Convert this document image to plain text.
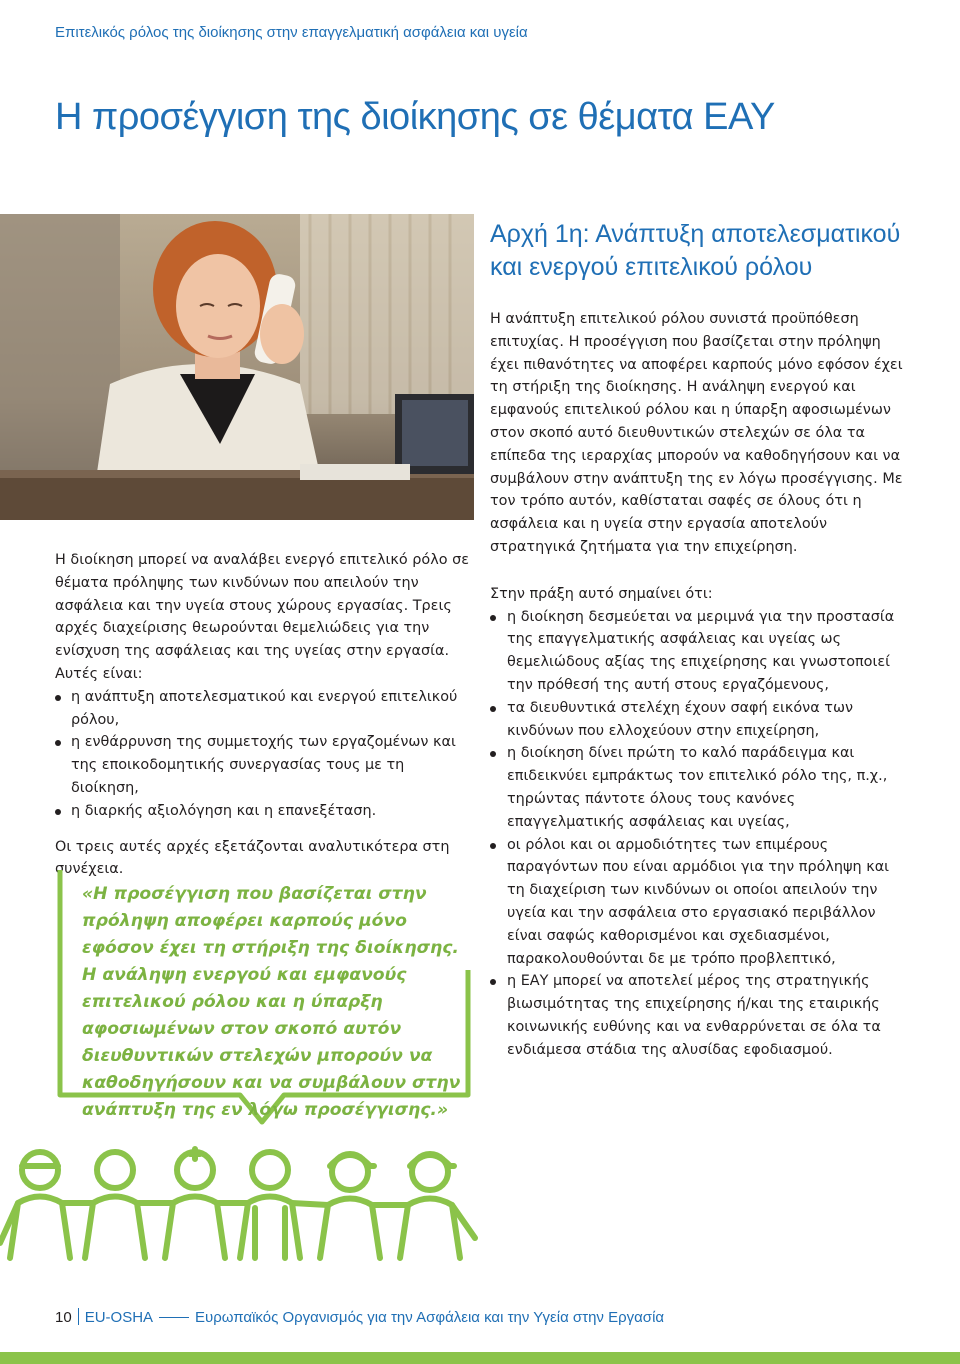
Επιτελικός ρόλος της διοίκησης στην επαγγελματική ασφάλεια και υγεία
Η προσέγγιση της διοίκησης σε θέματα ΕΑΥ
© iStock

Η διοίκηση μπορεί να αναλάβει ενεργό επιτελικό ρόλο σε θέματα πρόληψης των κινδύνων που απειλούν την ασφάλεια και την υγεία στους χώρους εργασίας. Τρεις αρχές διαχείρισης θεωρούνται θεμελιώδεις για την ενίσχυση της ασφάλειας και της υγείας στην εργασία. Αυτές είναι:

η ανάπτυξη αποτελεσματικού και ενεργού επιτελικού ρόλου,
η ενθάρρυνση της συμμετοχής των εργαζομένων και της εποικοδομητικής συνεργασίας τους με τη διοίκηση,
η διαρκής αξιολόγηση και η επανεξέταση.

Οι τρεις αυτές αρχές εξετάζονται αναλυτικότερα στη συνέχεια.

«Η προσέγγιση που βασίζεται στην πρόληψη αποφέρει καρπούς μόνο εφόσον έχει τη στήριξη της διοίκησης. Η ανάληψη ενεργού και εμφανούς επιτελικού ρόλου και η ύπαρξη αφοσιωμένων στον σκοπό αυτόν διευθυντικών στελεχών μπορούν να καθοδηγήσουν και να συμβάλουν στην ανάπτυξη της εν λόγω προσέγγισης.»

Αρχή 1η: Ανάπτυξη αποτελεσματικού και ενεργού επιτελικού ρόλου

Η ανάπτυξη επιτελικού ρόλου συνιστά προϋπόθεση επιτυχίας. Η προσέγγιση που βασίζεται στην πρόληψη έχει πιθανότητες να αποφέρει καρπούς μόνο εφόσον έχει τη στήριξη της διοίκησης. Η ανάληψη ενεργού και εμφανούς επιτελικού ρόλου και η ύπαρξη αφοσιωμένων στον σκοπό αυτό διευθυντικών στελεχών σε όλα τα επίπεδα της ιεραρχίας μπορούν να καθοδηγήσουν και να συμβάλουν στην ανάπτυξη της εν λόγω προσέγγισης. Με τον τρόπο αυτόν, καθίσταται σαφές σε όλους ότι η ασφάλεια και η υγεία στην εργασία αποτελούν στρατηγικά ζητήματα για την επιχείρηση.

Στην πράξη αυτό σημαίνει ότι:

η διοίκηση δεσμεύεται να μεριμνά για την προστασία της επαγγελματικής ασφάλειας και υγείας ως θεμελιώδους αξίας της επιχείρησης και γνωστοποιεί την πρόθεσή της αυτή στους εργαζόμενους,
τα διευθυντικά στελέχη έχουν σαφή εικόνα των κινδύνων που ελλοχεύουν στην επιχείρηση,
η διοίκηση δίνει πρώτη το καλό παράδειγμα και επιδεικνύει εμπράκτως τον επιτελικό ρόλο της, π.χ., τηρώντας πάντοτε όλους τους κανόνες επαγγελματικής ασφάλειας και υγείας,
οι ρόλοι και οι αρμοδιότητες των επιμέρους παραγόντων που είναι αρμόδιοι για την πρόληψη και τη διαχείριση των κινδύνων οι οποίοι απειλούν την υγεία και την ασφάλεια στο εργασιακό περιβάλλον είναι σαφώς καθορισμένοι και σχεδιασμένοι, παρακολουθούνται δε με τρόπο προβλεπτικό,
η ΕΑΥ μπορεί να αποτελεί μέρος της στρατηγικής βιωσιμότητας της επιχείρησης ή/και της εταιρικής κοινωνικής ευθύνης και να ενθαρρύνεται σε όλα τα ενδιάμεσα στάδια της αλυσίδας εφοδιασμού.
10 EU-OSHA	Ευρωπαϊκός Οργανισμός για την Ασφάλεια και την Υγεία στην Εργασία
